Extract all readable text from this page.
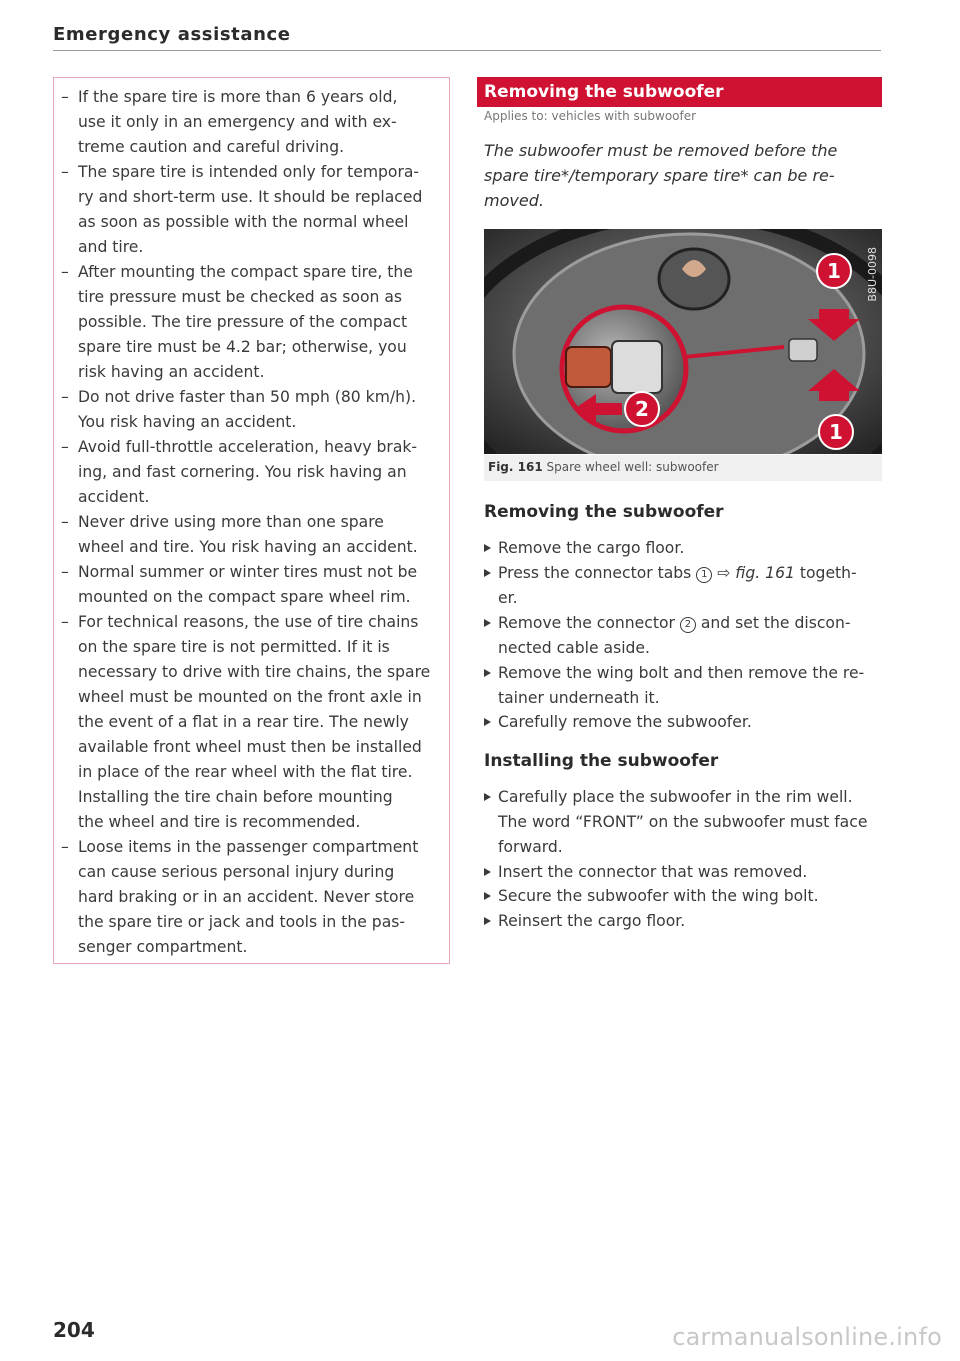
Emergency assistance
– If the spare tire is more than 6 years old,
use it only in an emergency and with ex-
treme caution and careful driving.
– The spare tire is intended only for tempora-
ry and short-term use. It should be replaced
as soon as possible with the normal wheel
and tire.
– After mounting the compact spare tire, the
tire pressure must be checked as soon as
possible. The tire pressure of the compact
spare tire must be 4.2 bar; otherwise, you
risk having an accident.
– Do not drive faster than 50 mph (80 km/h).
You risk having an accident.
– Avoid full-throttle acceleration, heavy brak-
ing, and fast cornering. You risk having an
accident.
– Never drive using more than one spare
wheel and tire. You risk having an accident.
– Normal summer or winter tires must not be
mounted on the compact spare wheel rim.
– For technical reasons, the use of tire chains
on the spare tire is not permitted. If it is
necessary to drive with tire chains, the spare
wheel must be mounted on the front axle in
the event of a flat in a rear tire. The newly
available front wheel must then be installed
in place of the rear wheel with the flat tire.
Installing the tire chain before mounting
the wheel and tire is recommended.
– Loose items in the passenger compartment
can cause serious personal injury during
hard braking or in an accident. Never store
the spare tire or jack and tools in the pas-
senger compartment.
Removing the subwoofer
Applies to: vehicles with subwoofer
The subwoofer must be removed before the
spare tire*/temporary spare tire* can be re-
moved.
1
2
1
B8U-0098
Fig. 161 Spare wheel well: subwoofer
Removing the subwoofer
Remove the cargo floor.
Press the connector tabs 1 ⇨ fig. 161 togeth-
er.
Remove the connector 2 and set the discon-
nected cable aside.
Remove the wing bolt and then remove the re-
tainer underneath it.
Carefully remove the subwoofer.
Installing the subwoofer
Carefully place the subwoofer in the rim well.
The word “FRONT” on the subwoofer must face
forward.
Insert the connector that was removed.
Secure the subwoofer with the wing bolt.
Reinsert the cargo floor.
204	carmanualsonline.info
